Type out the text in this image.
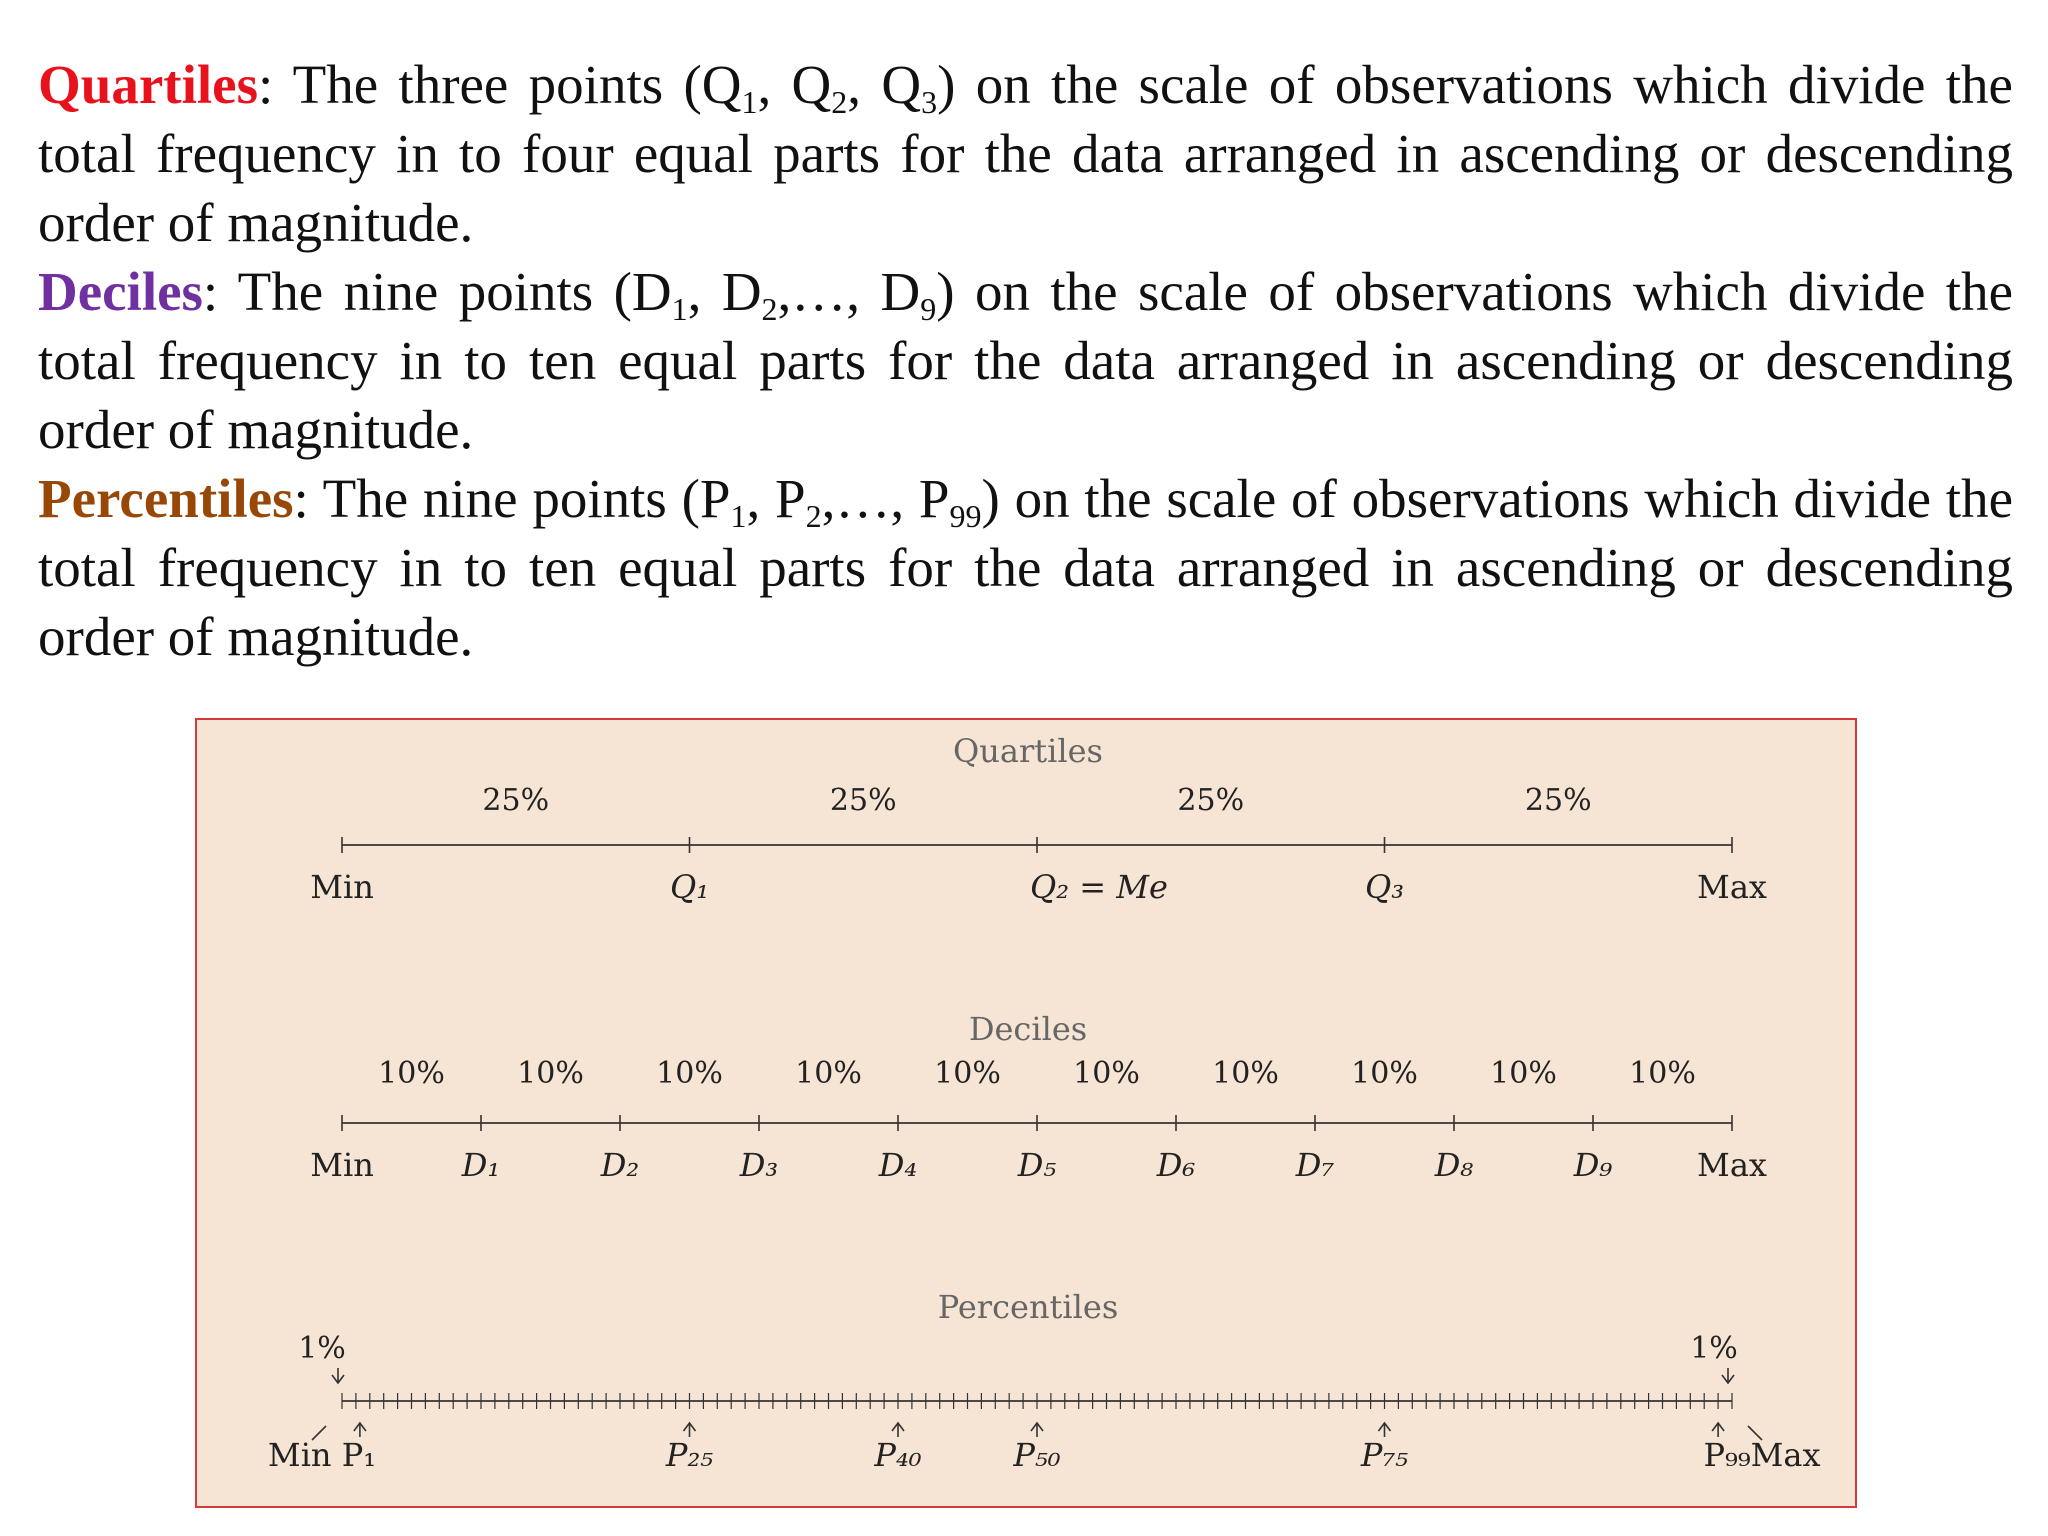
Quartiles: The three points ($Q_1$, $Q_2$, $Q_3$) on the scale of observations which divide the total frequency in to four equal parts for the data arranged in ascending or descending order of magnitude.

Deciles: The nine points ($D_1$, $D_2,\dots$, $D_9$) on the scale of observations which divide the total frequency in to ten equal parts for the data arranged in ascending or descending order of magnitude.

Percentiles: The nine points ($P_1$, $P_2,\dots$, $P_{99}$) on the scale of observations which divide the total frequency in to ten equal parts for the data arranged in ascending or descending order of magnitude.

Quartiles
25%	25%	25%	25%
Min	Q₁	Q₂ = Me	Q₃	Max
Deciles
10% 10% 10% 10% 10% 10% 10% 10% 10% 10%
Min	D₁	D₂	D₃	D₄	D₅	D₆	D₇	D₈	D₉	Max
Percentiles
1%	1%
P₂₅	P₄₀	P₅₀	P₇₅
Min P₁	P₉₉Max
